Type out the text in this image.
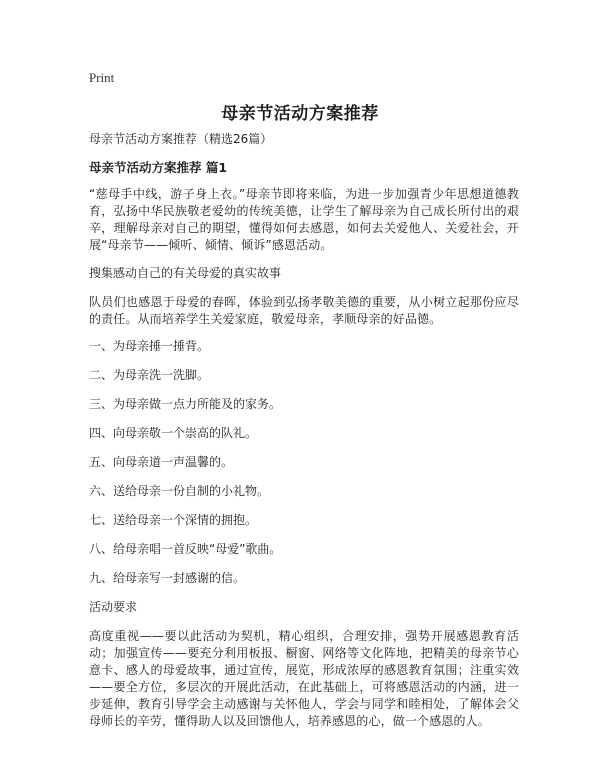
Print
母亲节活动方案推荐

母亲节活动方案推荐（精选26篇）

母亲节活动方案推荐 篇1

“慈母手中线，游子身上衣。”母亲节即将来临，为进一步加强青少年思想道德教育，弘扬中华民族敬老爱幼的传统美德，让学生了解母亲为自己成长所付出的艰辛，理解母亲对自己的期望，懂得如何去感恩，如何去关爱他人、关爱社会，开展“母亲节——倾听、倾情、倾诉”感恩活动。

搜集感动自己的有关母爱的真实故事

队员们也感恩于母爱的春晖，体验到弘扬孝敬美德的重要，从小树立起那份应尽的责任。从而培养学生关爱家庭，敬爱母亲，孝顺母亲的好品德。

一、为母亲捶一捶背。

二、为母亲洗一洗脚。

三、为母亲做一点力所能及的家务。

四、向母亲敬一个崇高的队礼。

五、向母亲道一声温馨的。

六、送给母亲一份自制的小礼物。

七、送给母亲一个深情的拥抱。

八、给母亲唱一首反映“母爱”歌曲。

九、给母亲写一封感谢的信。

活动要求

高度重视——要以此活动为契机，精心组织，合理安排，强势开展感恩教育活动；加强宣传——要充分利用板报、橱窗、网络等文化阵地，把精美的母亲节心意卡、感人的母爱故事，通过宣传，展览，形成浓厚的感恩教育氛围；注重实效——要全方位，多层次的开展此活动，在此基础上，可将感恩活动的内涵，进一步延伸，教育引导学会主动感谢与关怀他人，学会与同学和睦相处，了解体会父母师长的辛劳，懂得助人以及回馈他人，培养感恩的心，做一个感恩的人。
